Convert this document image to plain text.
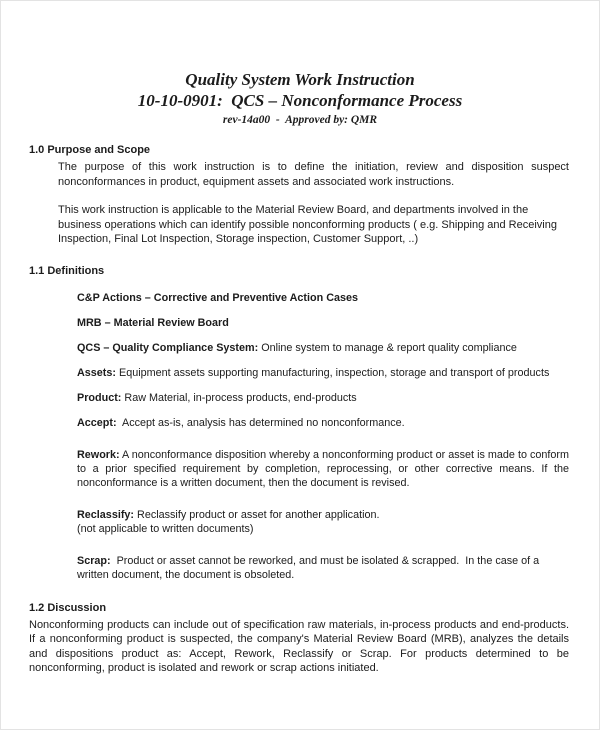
Quality System Work Instruction
10-10-0901:  QCS – Nonconformance Process
rev-14a00  -  Approved by: QMR
1.0 Purpose and Scope

The purpose of this work instruction is to define the initiation, review and disposition suspect nonconformances in product, equipment assets and associated work instructions.

This work instruction is applicable to the Material Review Board, and departments involved in the business operations which can identify possible nonconforming products ( e.g. Shipping and Receiving Inspection, Final Lot Inspection, Storage inspection, Customer Support, ..)

1.1 Definitions

C&P Actions – Corrective and Preventive Action Cases

MRB – Material Review Board

QCS – Quality Compliance System: Online system to manage & report quality compliance

Assets: Equipment assets supporting manufacturing, inspection, storage and transport of products

Product: Raw Material, in-process products, end-products

Accept:  Accept as-is, analysis has determined no nonconformance.

Rework: A nonconformance disposition whereby a nonconforming product or asset is made to conform to a prior specified requirement by completion, reprocessing, or other corrective means. If the nonconformance is a written document, then the document is revised.

Reclassify: Reclassify product or asset for another application.
(not applicable to written documents)

Scrap:  Product or asset cannot be reworked, and must be isolated & scrapped.  In the case of a written document, the document is obsoleted.

1.2 Discussion

Nonconforming products can include out of specification raw materials, in-process products and end-products. If a nonconforming product is suspected, the company's Material Review Board (MRB), analyzes the details and dispositions product as: Accept, Rework, Reclassify or Scrap. For products determined to be nonconforming, product is isolated and rework or scrap actions initiated.
